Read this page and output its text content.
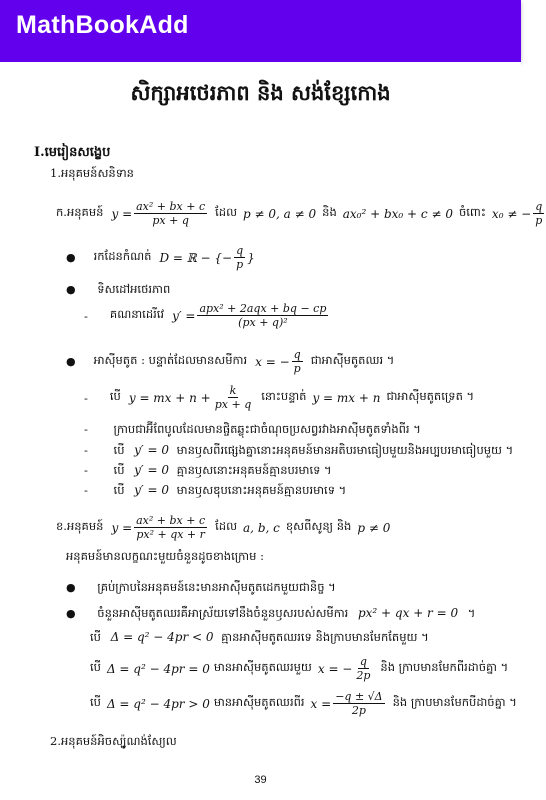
MathBookAdd
សិក្សាអថេរភាព និង សង់ខ្សែកោង
I.មេរៀនសង្ខេប
1.អនុគមន៍សនិទាន
ក.អនុគមន៍ $y = \frac{\text{ax² + bx + c}}{px + q}$ ដែល p ≠ 0, a ≠ 0 និង ax₀² + bx₀ + c ≠ 0 ចំពោះ x₀ ≠ − $\frac{q}{p}$
● រកដែនកំណត់ D = ℝ − {− $\frac{q}{p}$ }
● ទិសដៅអថេរភាព
- គណនាដេរីវេ $y' = \frac{\text{apx² + 2aqx + bq − cp}}{\text{(px + q)²}}$
● អាស៊ីមតូត : បន្ទាត់ដែលមានសមីការ x = − $\frac{q}{p}$ ជាអាស៊ីមតូតឈរ ។
- បើ y = mx + $n + \frac{k}{px + q}$ នោះបន្ទាត់ y = mx + n ជាអាស៊ីមតូតទ្រេត ។
- ក្រាបជាអ៊ីពែបូលដែលមានផ្ចិតឆ្លុះជាចំណុចប្រសព្វរវាងអាស៊ីមតូតទាំងពីរ ។
- បើ y′ = 0 មានឫសពីរផ្សេងគ្នានោះអនុគមន៍មានអតិបរមាធៀបមួយនិងអប្បបរមាធៀបមួយ ។
- បើ y′ = 0 គ្មានឫសនោះអនុគមន៍គ្មានបរមាទេ ។
- បើ y′ = 0 មានឫសឌុបនោះអនុគមន៍គ្មានបរមាទេ ។
ខ.អនុគមន៍ $y = \frac{\text{ax² + bx + c}}{\text{px² + qx + r}}$ ដែល a, b, c ខុសពីសូន្យ និង p ≠ 0
អនុគមន៍មានលក្ខណះមួយចំនួនដូចខាងក្រោម :
● គ្រប់ក្រាបនៃអនុគមន៍នេះមានអាស៊ីមតូតដេកមួយជានិច្ច ។
● ចំនួនអាស៊ីមតូតឈរគឺអាស្រ័យទៅនឹងចំនួនឫសរបស់សមីការ px² + qx + r = 0 ។
បើ Δ = q² − 4pr < 0 គ្មានអាស៊ីមតូតឈរទេ និងក្រាបមានមែកតែមួយ ។
បើ Δ = q² − 4pr = 0 មានអាស៊ីមតូតឈរមួយ x = − $\frac{q}{2p}$ និង ក្រាបមានមែកពីរដាច់គ្នា ។
បើ Δ = q² − 4pr > 0 មានអាស៊ីមតូតឈរពីរ $x = \frac{-q \pm √\Delta}{2p}$ និង ក្រាបមានមែកបីដាច់គ្នា ។
2.អនុគមន៍អិចស្ប៉ូណង់ស្យែល
39
